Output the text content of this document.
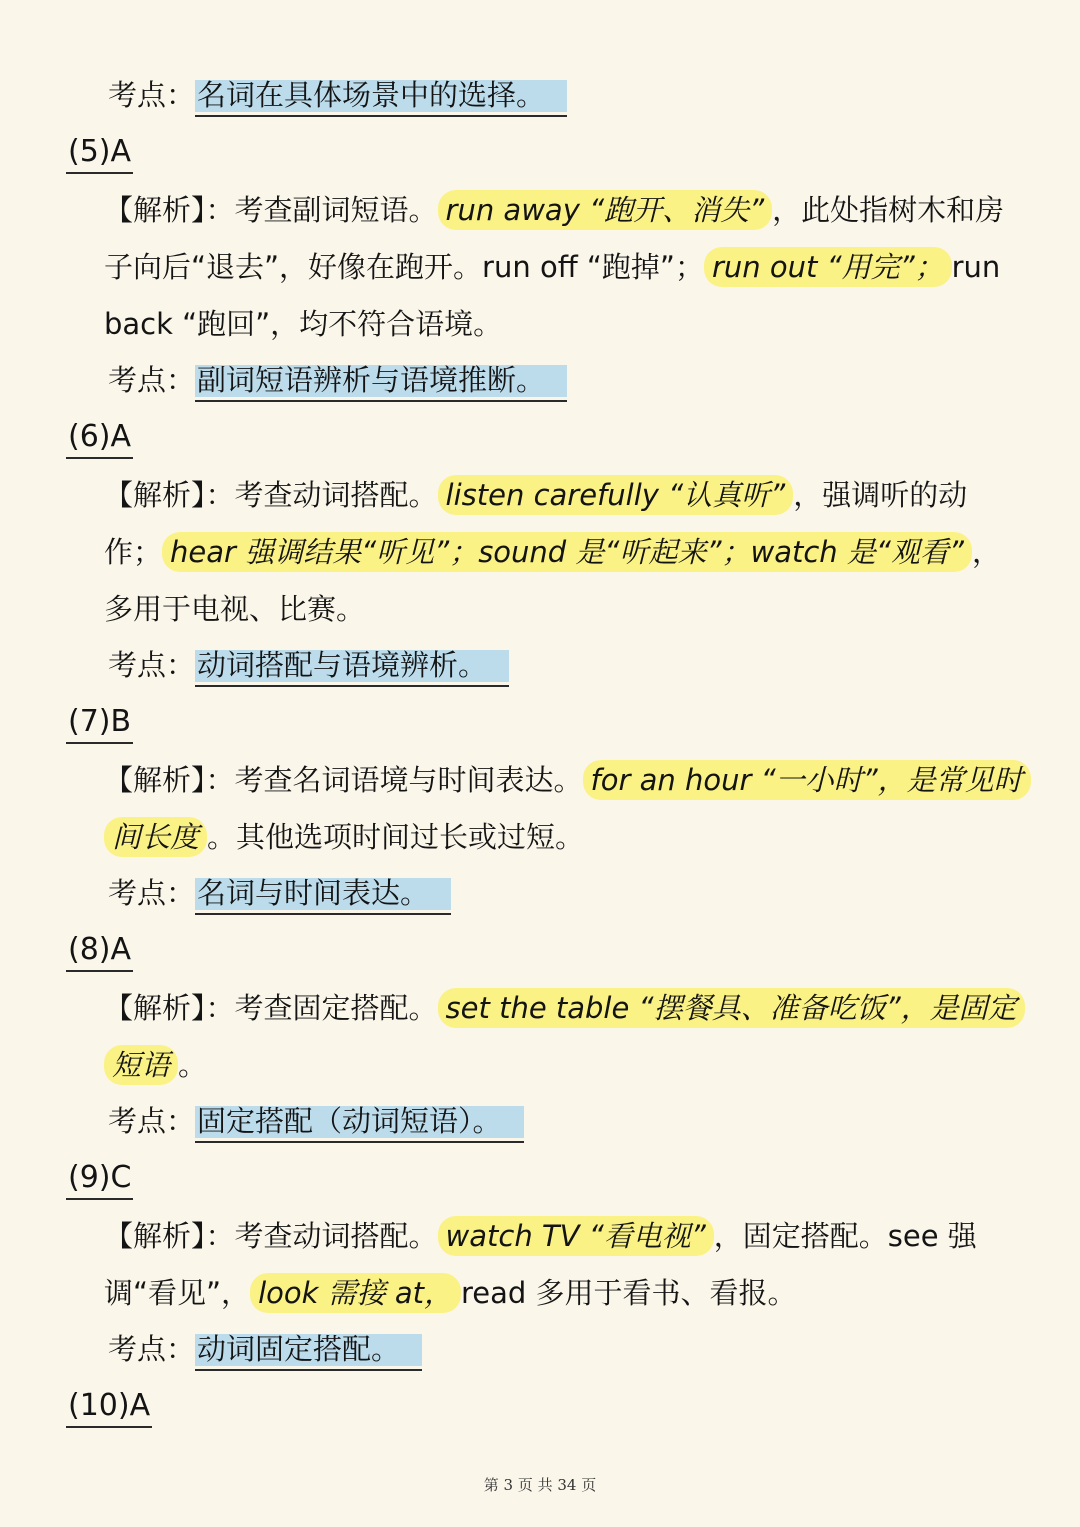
考点：名词在具体场景中的选择。

(5)A

【解析】：考查副词短语。 run away “跑开、消失” ，此处指树木和房子向后“退去”，好像在跑开。run off “跑掉”； run out “用完”； run back “跑回”，均不符合语境。

考点：副词短语辨析与语境推断。

(6)A

【解析】：考查动词搭配。 listen carefully “认真听” ，强调听的动作； hear 强调结果“听见”；sound 是“听起来”；watch 是“观看” ，多用于电视、比赛。

考点：动词搭配与语境辨析。

(7)B

【解析】：考查名词语境与时间表达。 for an hour “一小时”，是常见时间长度 。其他选项时间过长或过短。

考点：名词与时间表达。

(8)A

【解析】：考查固定搭配。 set the table “摆餐具、准备吃饭”，是固定短语 。

考点：固定搭配（动词短语）。

(9)C

【解析】：考查动词搭配。 watch TV “看电视” ，固定搭配。see 强调“看见”， look 需接 at， read 多用于看书、看报。

考点：动词固定搭配。

(10)A

第 3 页 共 34 页
